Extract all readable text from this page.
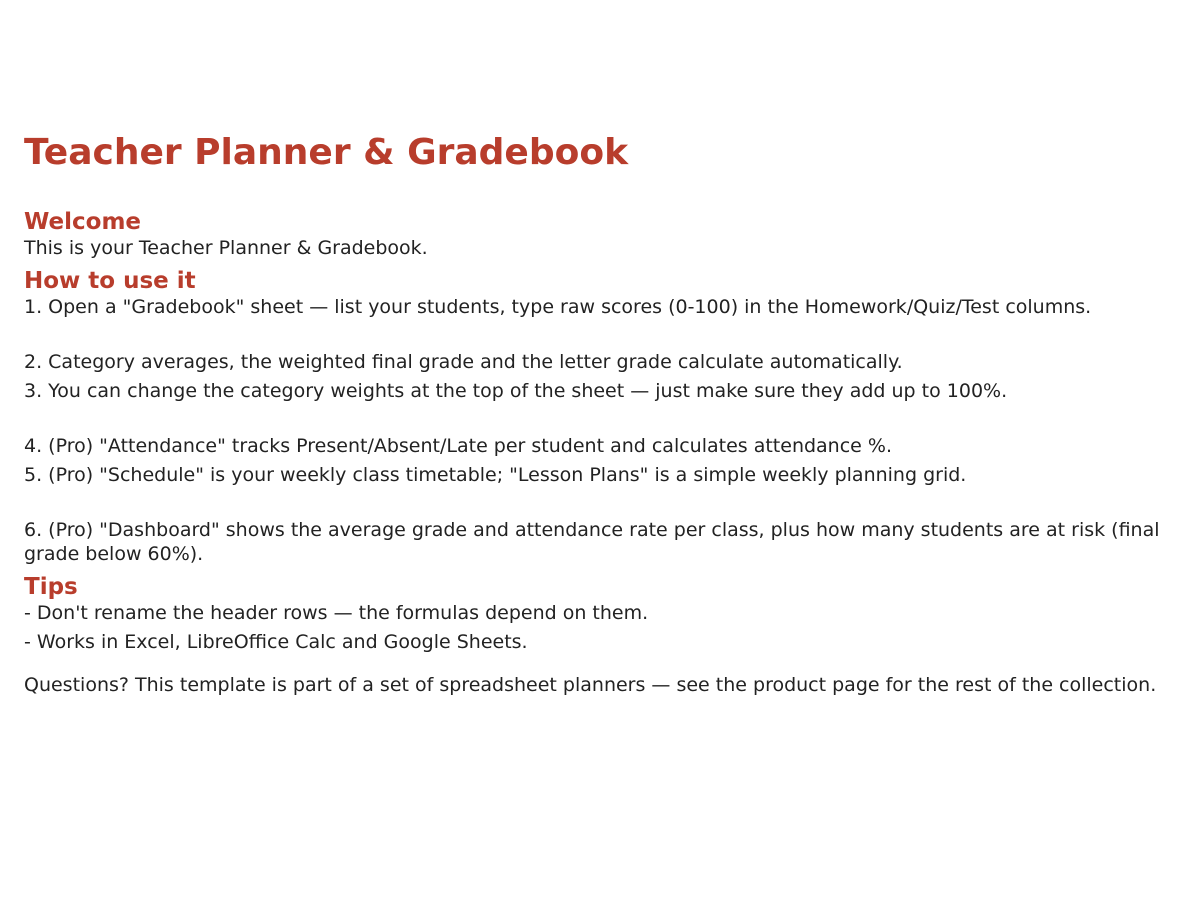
Teacher Planner & Gradebook
Welcome

This is your Teacher Planner & Gradebook.

How to use it

1. Open a "Gradebook" sheet — list your students, type raw scores (0-100) in the Homework/Quiz/Test columns.

2. Category averages, the weighted final grade and the letter grade calculate automatically.

3. You can change the category weights at the top of the sheet — just make sure they add up to 100%.

4. (Pro) "Attendance" tracks Present/Absent/Late per student and calculates attendance %.

5. (Pro) "Schedule" is your weekly class timetable; "Lesson Plans" is a simple weekly planning grid.

6. (Pro) "Dashboard" shows the average grade and attendance rate per class, plus how many students are at risk (final grade below 60%).

Tips

- Don't rename the header rows — the formulas depend on them.

- Works in Excel, LibreOffice Calc and Google Sheets.

Questions? This template is part of a set of spreadsheet planners — see the product page for the rest of the collection.
